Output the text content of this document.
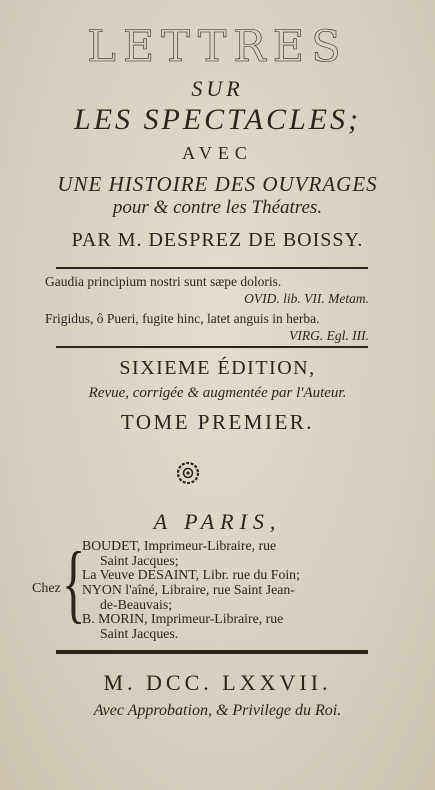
LETTRES
SUR
LES SPECTACLES;
AVEC
UNE HISTOIRE DES OUVRAGES
pour & contre les Théatres.
PAR M. DESPREZ DE BOISSY.
Gaudia principium nostri sunt sæpe doloris.
OVID. lib. VII. Metam.
Frigidus, ô Pueri, fugite hinc, latet anguis in herba.
VIRG. Egl. III.
SIXIEME ÉDITION,
Revue, corrigée & augmentée par l'Auteur.
TOME PREMIER.
A PARIS,
Chez {
BOUDET, Imprimeur-Libraire, rue
Saint Jacques;
La Veuve DESAINT, Libr. rue du Foin;
NYON l'aîné, Libraire, rue Saint Jean-
de-Beauvais;
B. MORIN, Imprimeur-Libraire, rue
Saint Jacques.
M. DCC. LXXVII.
Avec Approbation, & Privilege du Roi.
